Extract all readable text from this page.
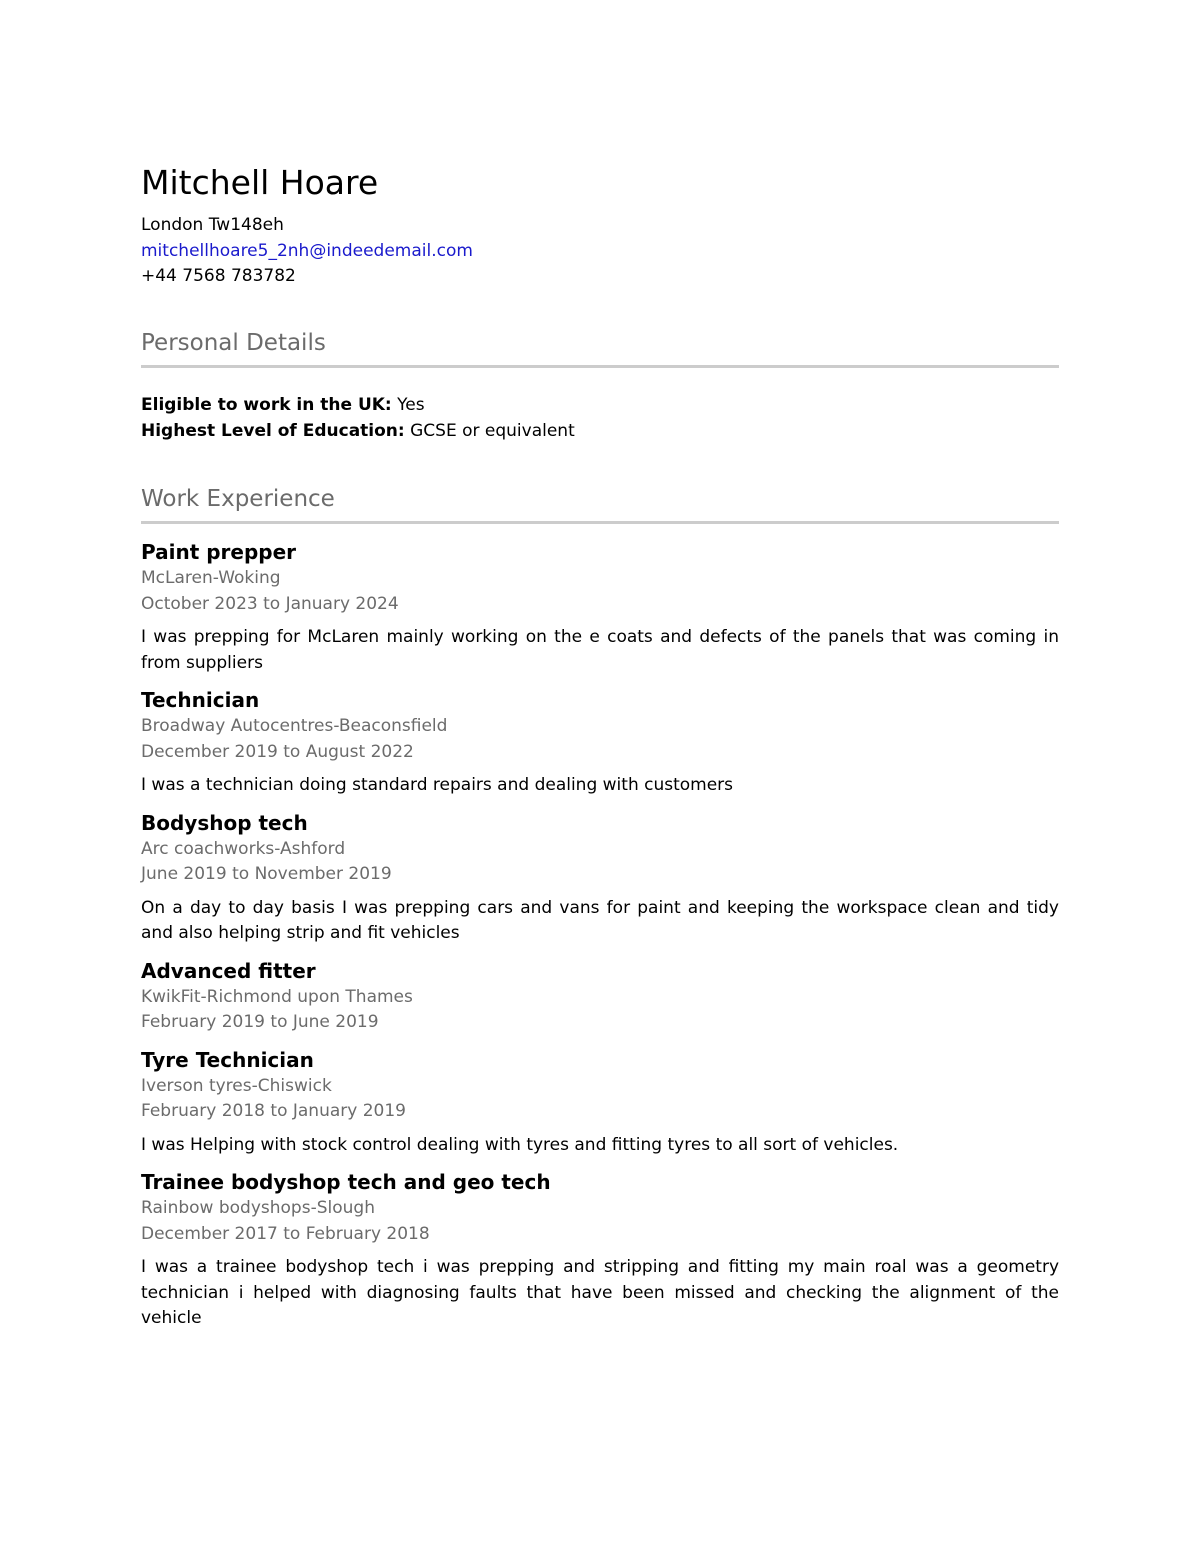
Mitchell Hoare
London Tw148eh
mitchellhoare5_2nh@indeedemail.com
+44 7568 783782
Personal Details
Eligible to work in the UK: Yes
Highest Level of Education: GCSE or equivalent
Work Experience
Paint prepper
McLaren-Woking
October 2023 to January 2024
I was prepping for McLaren mainly working on the e coats and defects of the panels that was coming in from suppliers
Technician
Broadway Autocentres-Beaconsfield
December 2019 to August 2022
I was a technician doing standard repairs and dealing with customers
Bodyshop tech
Arc coachworks-Ashford
June 2019 to November 2019
On a day to day basis I was prepping cars and vans for paint and keeping the workspace clean and tidy and also helping strip and fit vehicles
Advanced fitter
KwikFit-Richmond upon Thames
February 2019 to June 2019
Tyre Technician
Iverson tyres-Chiswick
February 2018 to January 2019
I was Helping with stock control dealing with tyres and fitting tyres to all sort of vehicles.
Trainee bodyshop tech and geo tech
Rainbow bodyshops-Slough
December 2017 to February 2018
I was a trainee bodyshop tech i was prepping and stripping and fitting my main roal was a geometry technician i helped with diagnosing faults that have been missed and checking the alignment of the vehicle
